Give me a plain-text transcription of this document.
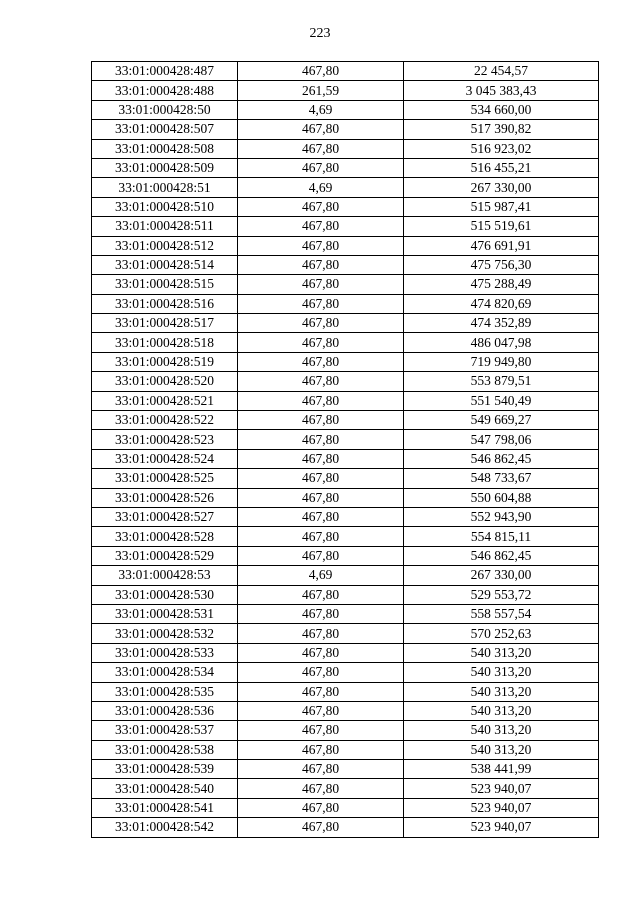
223
33:01:000428:487	467,80	22 454,57
33:01:000428:488	261,59	3 045 383,43
33:01:000428:50	4,69	534 660,00
33:01:000428:507	467,80	517 390,82
33:01:000428:508	467,80	516 923,02
33:01:000428:509	467,80	516 455,21
33:01:000428:51	4,69	267 330,00
33:01:000428:510	467,80	515 987,41
33:01:000428:511	467,80	515 519,61
33:01:000428:512	467,80	476 691,91
33:01:000428:514	467,80	475 756,30
33:01:000428:515	467,80	475 288,49
33:01:000428:516	467,80	474 820,69
33:01:000428:517	467,80	474 352,89
33:01:000428:518	467,80	486 047,98
33:01:000428:519	467,80	719 949,80
33:01:000428:520	467,80	553 879,51
33:01:000428:521	467,80	551 540,49
33:01:000428:522	467,80	549 669,27
33:01:000428:523	467,80	547 798,06
33:01:000428:524	467,80	546 862,45
33:01:000428:525	467,80	548 733,67
33:01:000428:526	467,80	550 604,88
33:01:000428:527	467,80	552 943,90
33:01:000428:528	467,80	554 815,11
33:01:000428:529	467,80	546 862,45
33:01:000428:53	4,69	267 330,00
33:01:000428:530	467,80	529 553,72
33:01:000428:531	467,80	558 557,54
33:01:000428:532	467,80	570 252,63
33:01:000428:533	467,80	540 313,20
33:01:000428:534	467,80	540 313,20
33:01:000428:535	467,80	540 313,20
33:01:000428:536	467,80	540 313,20
33:01:000428:537	467,80	540 313,20
33:01:000428:538	467,80	540 313,20
33:01:000428:539	467,80	538 441,99
33:01:000428:540	467,80	523 940,07
33:01:000428:541	467,80	523 940,07
33:01:000428:542	467,80	523 940,07
